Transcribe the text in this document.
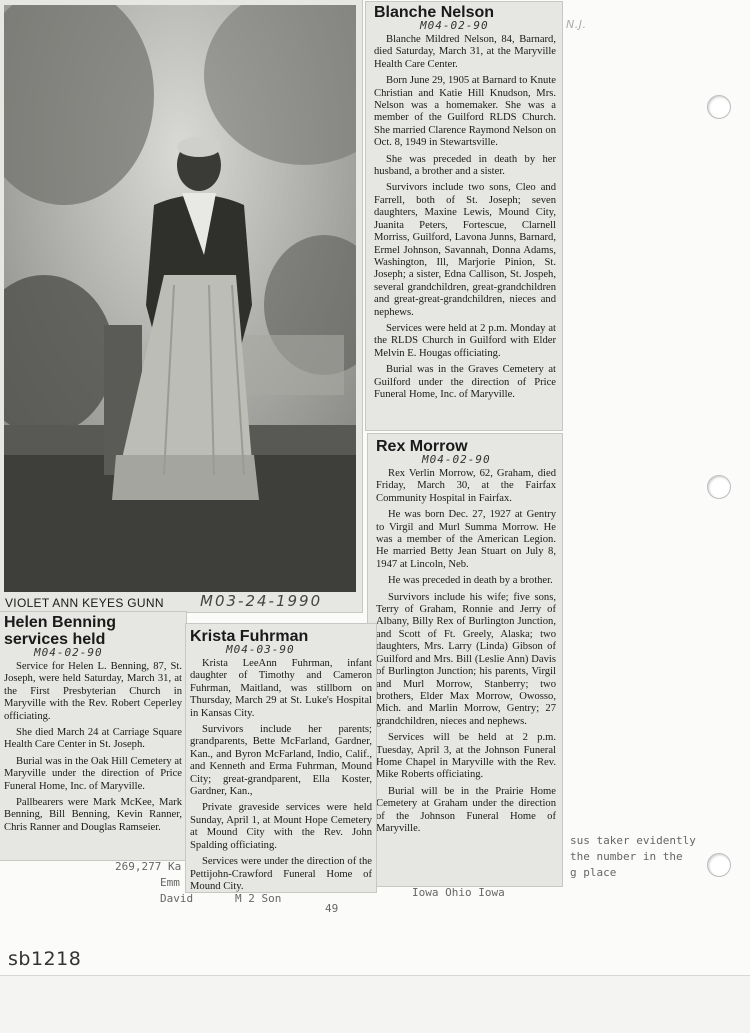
N.J.
VIOLET ANN KEYES GUNN M03-24-1990
Blanche Nelson
M04-02-90

Blanche Mildred Nelson, 84, Barnard, died Saturday, March 31, at the Maryville Health Care Center.

Born June 29, 1905 at Barnard to Knute Christian and Katie Hill Knudson, Mrs. Nelson was a homemaker. She was a member of the Guilford RLDS Church. She married Clarence Raymond Nelson on Oct. 8, 1949 in Stewartsville.

She was preceded in death by her husband, a brother and a sister.

Survivors include two sons, Cleo and Farrell, both of St. Joseph; seven daughters, Maxine Lewis, Mound City, Juanita Peters, Fortescue, Clarnell Morriss, Guilford, Lavona Junns, Barnard, Ermel Johnson, Savannah, Donna Adams, Washington, Ill, Marjorie Pinion, St. Joseph; a sister, Edna Callison, St. Jospeh, several grandchildren, great-grandchildren and great-great-grandchildren, nieces and nephews.

Services were held at 2 p.m. Monday at the RLDS Church in Guilford with Elder Melvin E. Hougas officiating.

Burial was in the Graves Cemetery at Guilford under the direction of Price Funeral Home, Inc. of Maryville.

Rex Morrow
M04-02-90

Rex Verlin Morrow, 62, Graham, died Friday, March 30, at the Fairfax Community Hospital in Fairfax.

He was born Dec. 27, 1927 at Gentry to Virgil and Murl Summa Morrow. He was a member of the American Legion. He married Betty Jean Stuart on July 8, 1947 at Lincoln, Neb.

He was preceded in death by a brother.

Survivors include his wife; five sons, Terry of Graham, Ronnie and Jerry of Albany, Billy Rex of Burlington Junction, and Scott of Ft. Greely, Alaska; two daughters, Mrs. Larry (Linda) Gibson of Guilford and Mrs. Bill (Leslie Ann) Davis of Burlington Junction; his parents, Virgil and Murl Morrow, Stanberry; two brothers, Elder Max Morrow, Owosso, Mich. and Marlin Morrow, Gentry; 27 grandchildren, nieces and nephews.

Services will be held at 2 p.m. Tuesday, April 3, at the Johnson Funeral Home Chapel in Maryville with the Rev. Mike Roberts officiating.

Burial will be in the Prairie Home Cemetery at Graham under the direction of the Johnson Funeral Home of Maryville.

Helen Benning
services held
M04-02-90

Service for Helen L. Benning, 87, St. Joseph, were held Saturday, March 31, at the First Presbyterian Church in Maryville with the Rev. Robert Ceperley officiating.

She died March 24 at Carriage Square Health Care Center in St. Joseph.

Burial was in the Oak Hill Cemetery at Maryville under the direction of Price Funeral Home, Inc. of Maryville.

Pallbearers were Mark McKee, Mark Benning, Bill Benning, Kevin Ranner, Chris Ranner and Douglas Ramseier.

Krista Fuhrman
M04-03-90

Krista LeeAnn Fuhrman, infant daughter of Timothy and Cameron Fuhrman, Maitland, was stillborn on Thursday, March 29 at St. Luke's Hospital in Kansas City.

Survivors include her parents; grandparents, Bette McFarland, Gardner, Kan., and Byron McFarland, Indio, Calif., and Kenneth and Erma Fuhrman, Mound City; great-grandparent, Ella Koster, Gardner, Kan.,

Private graveside services were held Sunday, April 1, at Mount Hope Cemetery at Mound City with the Rev. John Spalding officiating.

Services were under the direction of the Pettijohn-Crawford Funeral Home of Mound City.

sus taker evidently
the number in the
g place
269,277 Ka
Emm
David	M 2 Son
49
Iowa Ohio Iowa
sb1218
